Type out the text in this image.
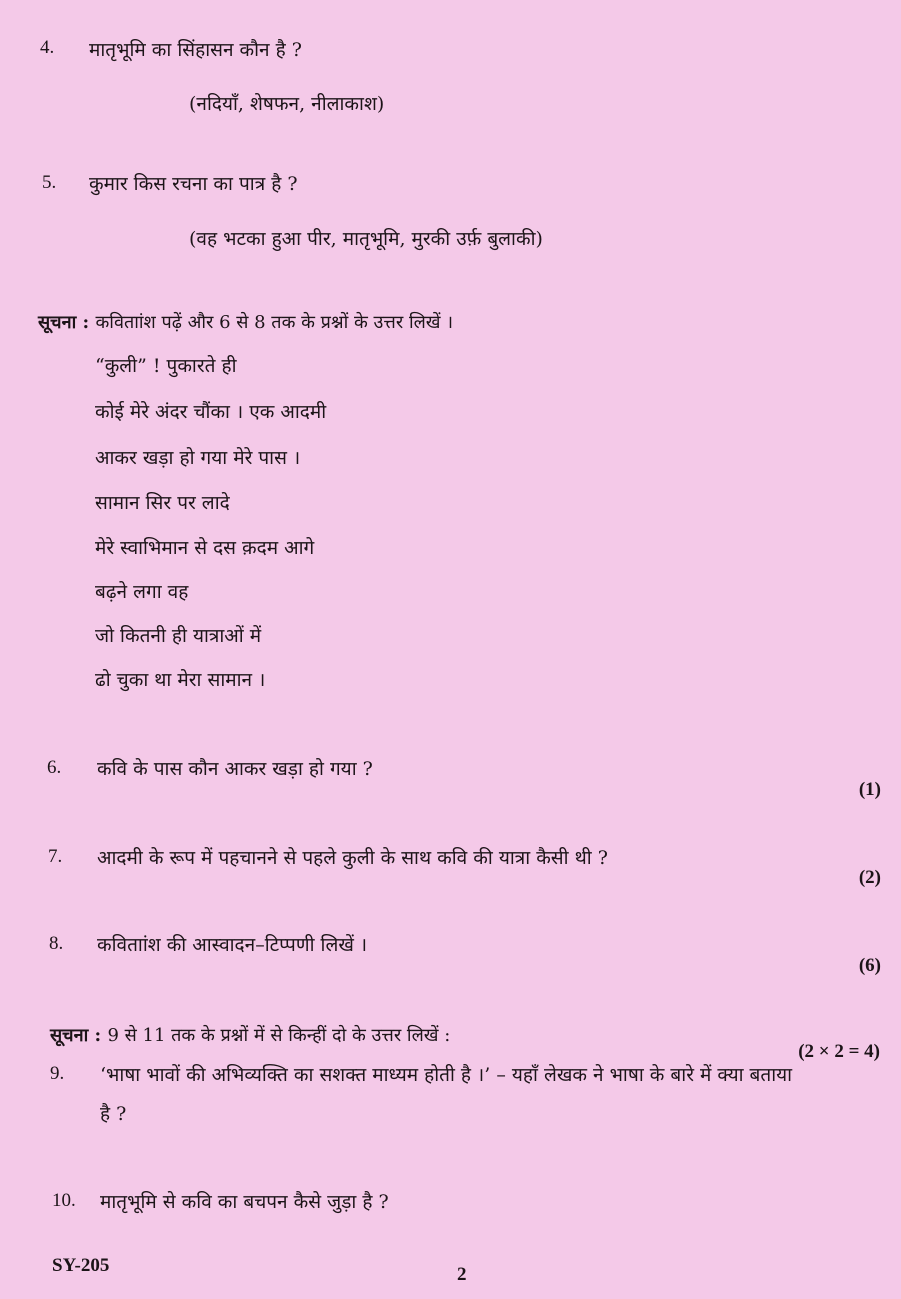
4. मातृभूमि का सिंहासन कौन है ?
(नदियाँ, शेषफन, नीलाकाश)
5. कुमार किस रचना का पात्र है ?
(वह भटका हुआ पीर, मातृभूमि, मुरकी उर्फ़ बुलाकी)
सूचना : कविताांश पढ़ें और 6 से 8 तक के प्रश्नों के उत्तर लिखें ।
“कुली” ! पुकारते ही
कोई मेरे अंदर चौंका । एक आदमी
आकर खड़ा हो गया मेरे पास ।
सामान सिर पर लादे
मेरे स्वाभिमान से दस क़दम आगे
बढ़ने लगा वह
जो कितनी ही यात्राओं में
ढो चुका था मेरा सामान ।
6. कवि के पास कौन आकर खड़ा हो गया ?
(1)
7. आदमी के रूप में पहचानने से पहले कुली के साथ कवि की यात्रा कैसी थी ?
(2)
8. कविताांश की आस्वादन–टिप्पणी लिखें ।
(6)
सूचना : 9 से 11 तक के प्रश्नों में से किन्हीं दो के उत्तर लिखें :
(2 × 2 = 4)
9. ‘भाषा भावों की अभिव्यक्ति का सशक्त माध्यम होती है ।’ – यहाँ लेखक ने भाषा के बारे में क्या बताया
है ?
10. मातृभूमि से कवि का बचपन कैसे जुड़ा है ?
SY-205	2
